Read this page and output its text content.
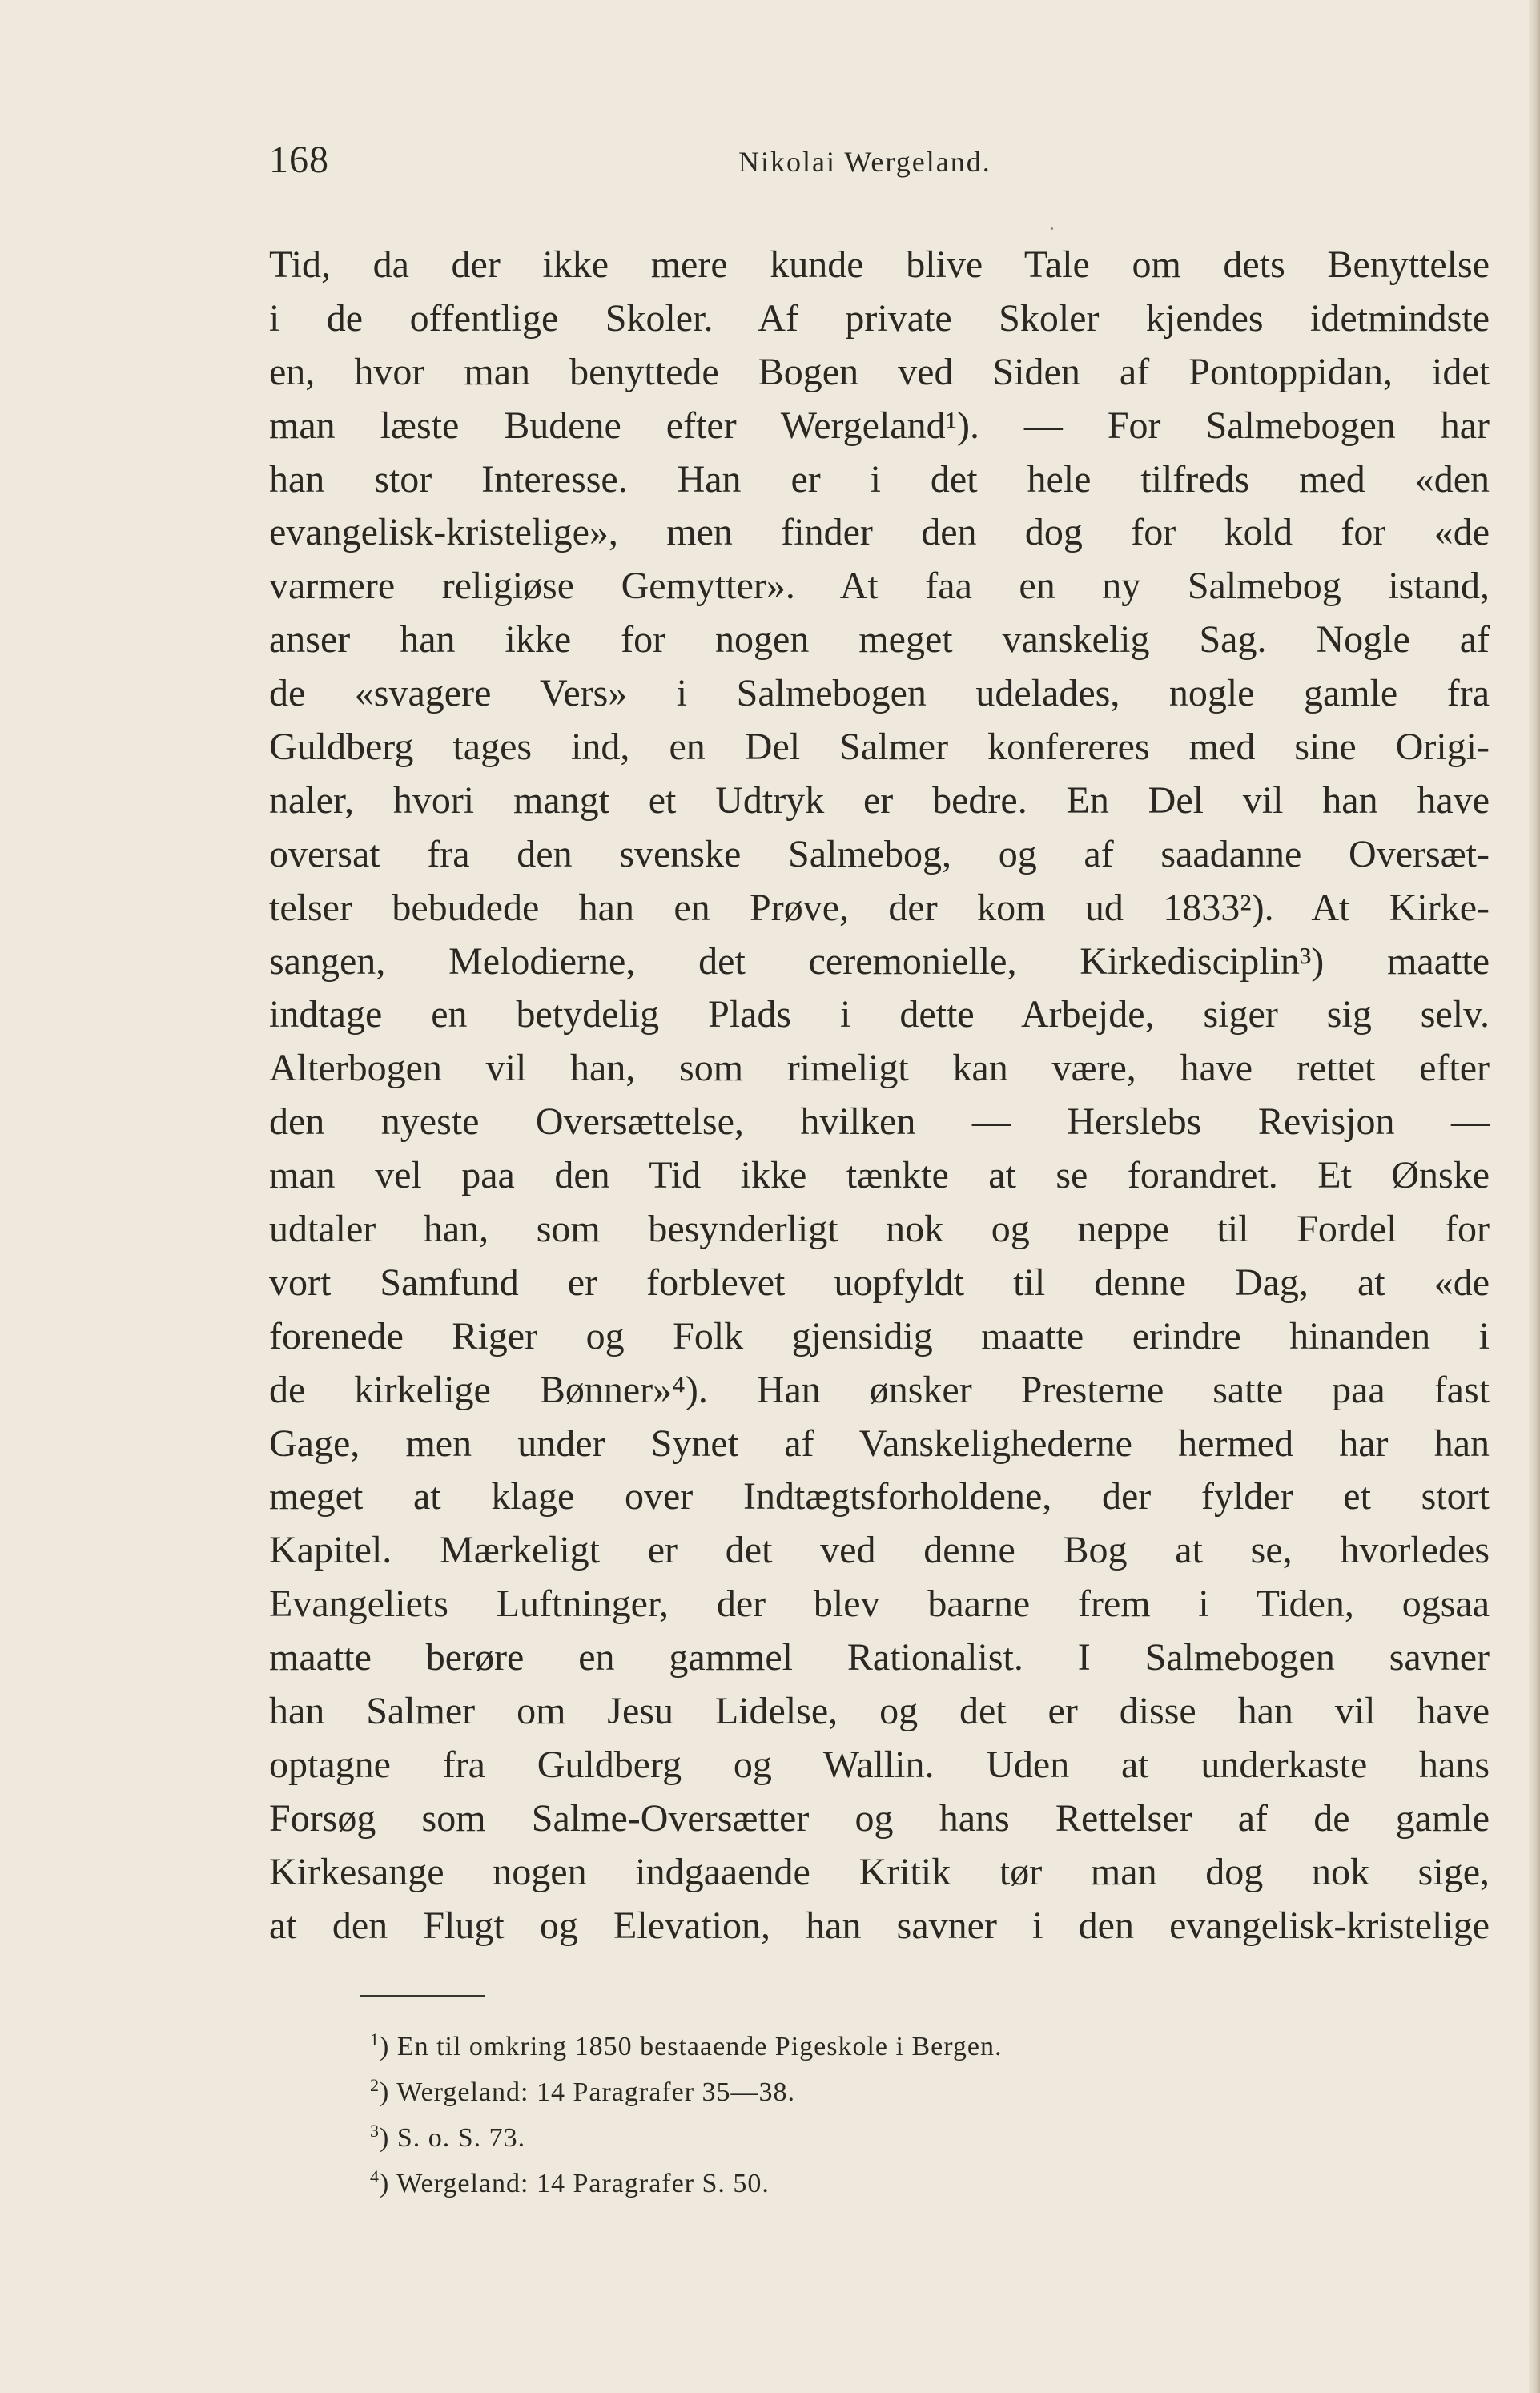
168	Nikolai Wergeland.
Tid, da der ikke mere kunde blive Tale om dets Benyttelse
i de offentlige Skoler. Af private Skoler kjendes idetmindste
en, hvor man benyttede Bogen ved Siden af Pontoppidan, idet
man læste Budene efter Wergeland¹). — For Salmebogen har
han stor Interesse. Han er i det hele tilfreds med «den
evangelisk-kristelige», men finder den dog for kold for «de
varmere religiøse Gemytter». At faa en ny Salmebog istand,
anser han ikke for nogen meget vanskelig Sag. Nogle af
de «svagere Vers» i Salmebogen udelades, nogle gamle fra
Guldberg tages ind, en Del Salmer konfereres med sine Origi-
naler, hvori mangt et Udtryk er bedre. En Del vil han have
oversat fra den svenske Salmebog, og af saadanne Oversæt-
telser bebudede han en Prøve, der kom ud 1833²). At Kirke-
sangen, Melodierne, det ceremonielle, Kirkedisciplin³) maatte
indtage en betydelig Plads i dette Arbejde, siger sig selv.
Alterbogen vil han, som rimeligt kan være, have rettet efter
den nyeste Oversættelse, hvilken — Herslebs Revisjon —
man vel paa den Tid ikke tænkte at se forandret. Et Ønske
udtaler han, som besynderligt nok og neppe til Fordel for
vort Samfund er forblevet uopfyldt til denne Dag, at «de
forenede Riger og Folk gjensidig maatte erindre hinanden i
de kirkelige Bønner»⁴). Han ønsker Presterne satte paa fast
Gage, men under Synet af Vanskelighederne hermed har han
meget at klage over Indtægtsforholdene, der fylder et stort
Kapitel. Mærkeligt er det ved denne Bog at se, hvorledes
Evangeliets Luftninger, der blev baarne frem i Tiden, ogsaa
maatte berøre en gammel Rationalist. I Salmebogen savner
han Salmer om Jesu Lidelse, og det er disse han vil have
optagne fra Guldberg og Wallin. Uden at underkaste hans
Forsøg som Salme-Oversætter og hans Rettelser af de gamle
Kirkesange nogen indgaaende Kritik tør man dog nok sige,
at den Flugt og Elevation, han savner i den evangelisk-kristelige
$^1$) En til omkring 1850 bestaaende Pigeskole i Bergen.
$^2$) Wergeland: 14 Paragrafer 35—38.
$^3$) S. o. S. 73.
$^4$) Wergeland: 14 Paragrafer S. 50.
